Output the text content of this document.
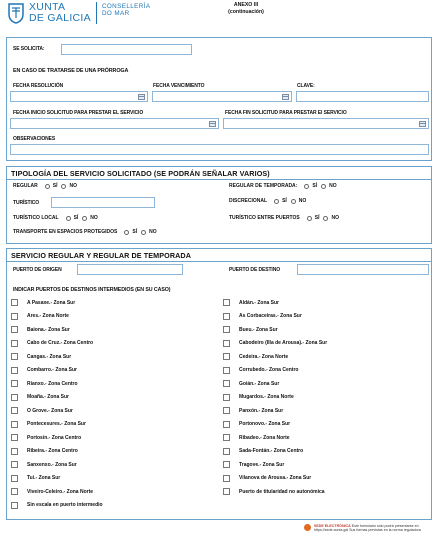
XUNTA
DE GALICIA
CONSELLERÍA
DO MAR
ANEXO III
(continuación)
SE SOLICITA:
EN CASO DE TRATARSE DE UNA PRÓRROGA
FECHA RESOLUCIÓN	FECHA VENCIMIENTO	CLAVE:
FECHA INICIO SOLICITUD PARA PRESTAR EL SERVICIO	FECHA FIN SOLICITUD PARA PRESTAR El SERVICIO
OBSERVACIONES
TIPOLOGÍA DEL SERVICIO SOLICITADO (SE PODRÁN SEÑALAR VARIOS)
REGULAR	SÍ NO	REGULAR DE TEMPORADA:	SÍ NO
TURÍSTICO	DISCRECIONAL	SÍ NO
TURÍSTICO LOCAL	SÍ NO	TURÍSTICO ENTRE PUERTOS	SÍ NO
TRANSPORTE EN ESPACIOS PROTEGIDOS	SÍ NO
SERVICIO REGULAR Y REGULAR DE TEMPORADA
PUERTO DE ORIGEN	PUERTO DE DESTINO
INDICAR PUERTOS DE DESTINOS INTERMEDIOS (EN SU CASO)
A Pasaxe.- Zona Sur
Ares.- Zona Norte
Baiona.- Zona Sur
Cabo de Cruz.- Zona Centro
Cangas.- Zona Sur
Combarro.- Zona Sur
Rianxo.- Zona Centro
Moaña.- Zona Sur
O Grove.- Zona Sur
Pontecesures.- Zona Sur
Portosín.- Zona Centro
Ribeira.- Zona Centro
Sanxenxo.- Zona Sur
Tui.- Zona Sur
Viveiro-Celeiro.- Zona Norte
Sin escala en puerto intermedio
Aldán.- Zona Sur
As Corbaceiras.- Zona Sur
Bueu.- Zona Sur
Cabodeiro (Illa de Arousa).- Zona Sur
Cedeira.- Zona Norte
Corrubedo.- Zona Centro
Goián.- Zona Sur
Mugardos.- Zona Norte
Panxón.- Zona Sur
Portonovo.- Zona Sur
Ribadeo.- Zona Norte
Sada-Fontán.- Zona Centro
Tragove.- Zona Sur
Vilanova de Arousa.- Zona Sur
Puerto de titularidad no autonómica
SEDE ELECTRÓNICA Este formulario sólo podrá presentarse en
https://sede.xunta.gal Sus formas previstas en la norma reguladora
